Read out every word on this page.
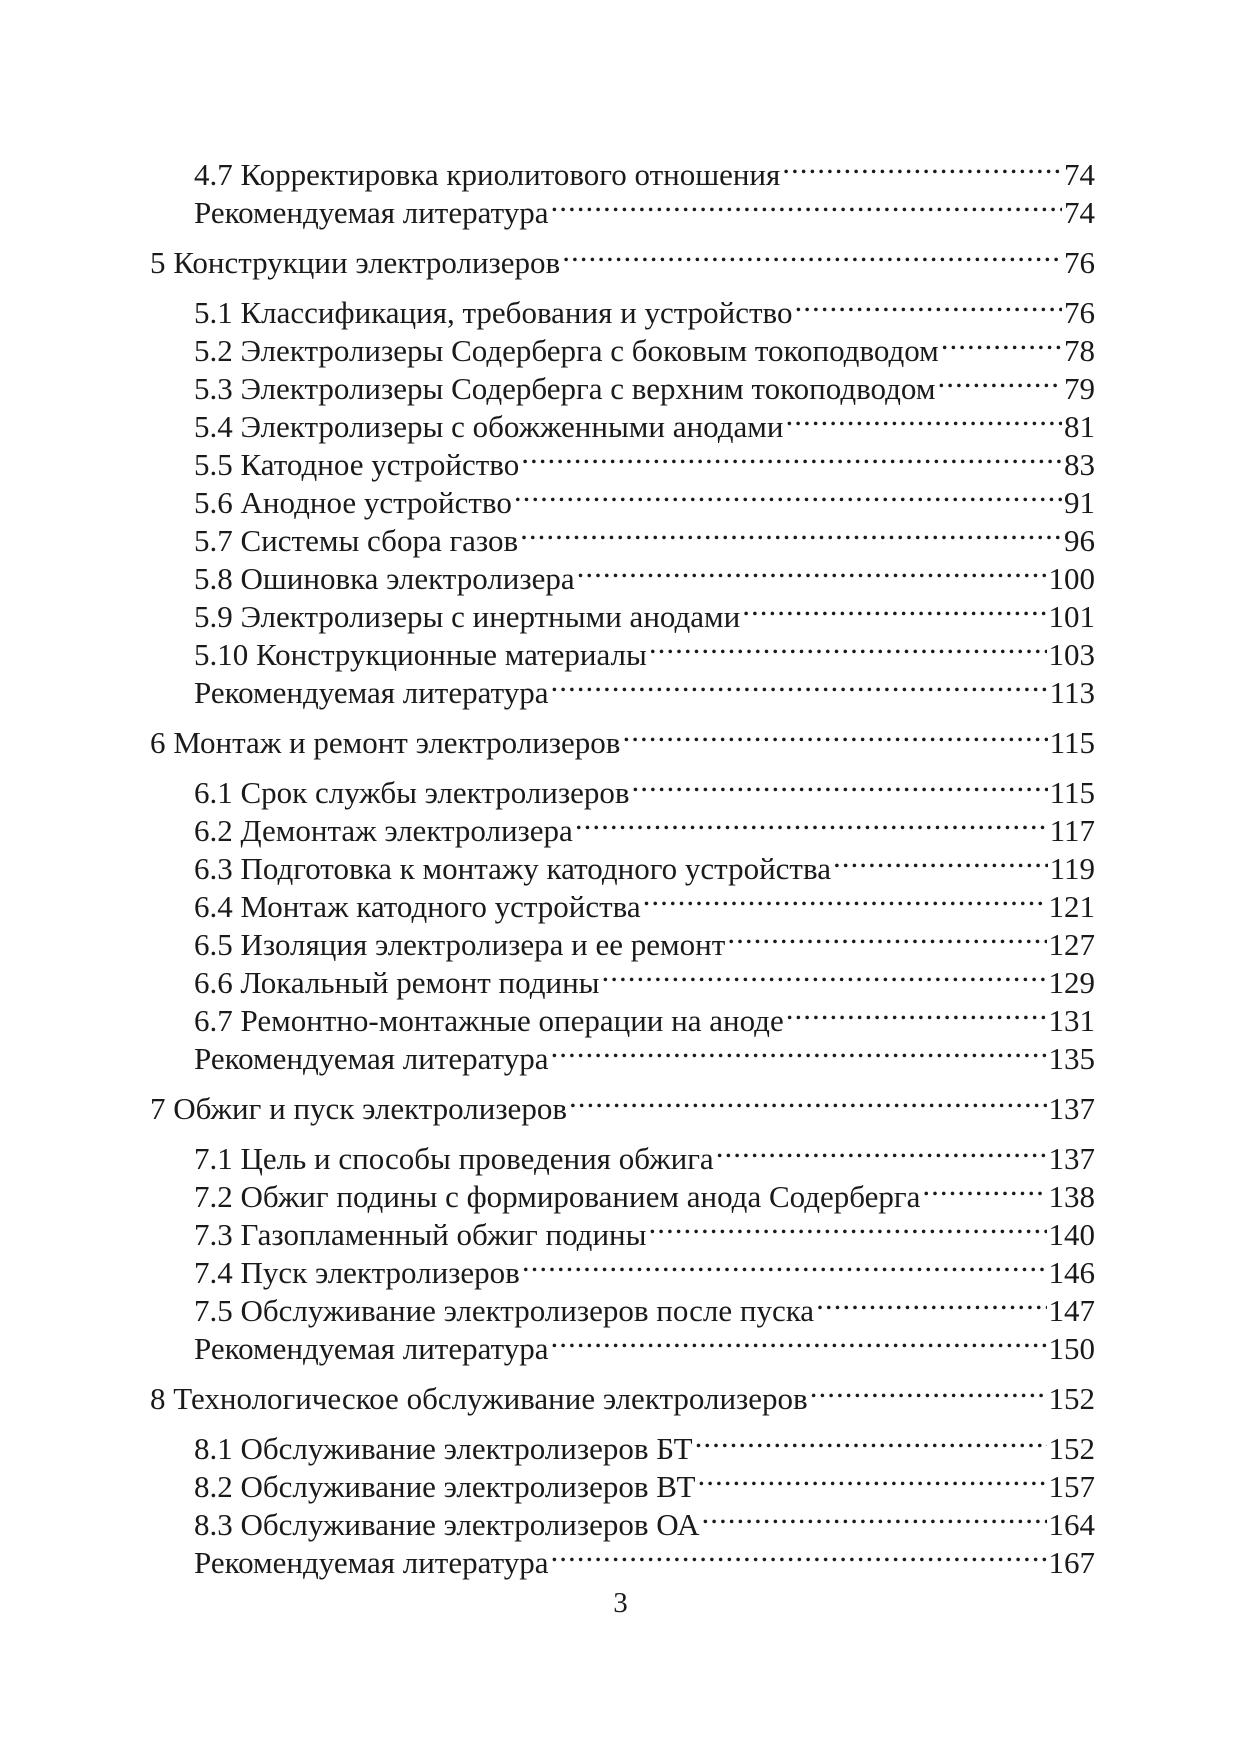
4.7 Корректировка криолитового отношения .....	74
Рекомендуемая литература .....	74
5 Конструкции электролизеров .....	76
5.1 Классификация, требования и устройство .....	76
5.2 Электролизеры Содерберга с боковым токоподводом .....	78
5.3 Электролизеры Содерберга с верхним токоподводом .....	79
5.4 Электролизеры с обожженными анодами .....	81
5.5 Катодное устройство .....	83
5.6 Анодное устройство .....	91
5.7 Системы сбора газов .....	96
5.8 Ошиновка электролизера .....	100
5.9 Электролизеры с инертными анодами .....	101
5.10 Конструкционные материалы .....	103
Рекомендуемая литература .....	113
6 Монтаж и ремонт электролизеров .....	115
6.1 Срок службы электролизеров .....	115
6.2 Демонтаж электролизера .....	117
6.3 Подготовка к монтажу катодного устройства .....	119
6.4 Монтаж катодного устройства .....	121
6.5 Изоляция электролизера и ее ремонт .....	127
6.6 Локальный ремонт подины .....	129
6.7 Ремонтно-монтажные операции на аноде .....	131
Рекомендуемая литература .....	135
7 Обжиг и пуск электролизеров .....	137
7.1 Цель и способы проведения обжига .....	137
7.2 Обжиг подины с формированием анода Содерберга .....	138
7.3 Газопламенный обжиг подины .....	140
7.4 Пуск электролизеров .....	146
7.5 Обслуживание электролизеров после пуска .....	147
Рекомендуемая литература .....	150
8 Технологическое обслуживание электролизеров .....	152
8.1 Обслуживание электролизеров БТ .....	152
8.2 Обслуживание электролизеров ВТ .....	157
8.3 Обслуживание электролизеров ОА .....	164
Рекомендуемая литература .....	167
3
